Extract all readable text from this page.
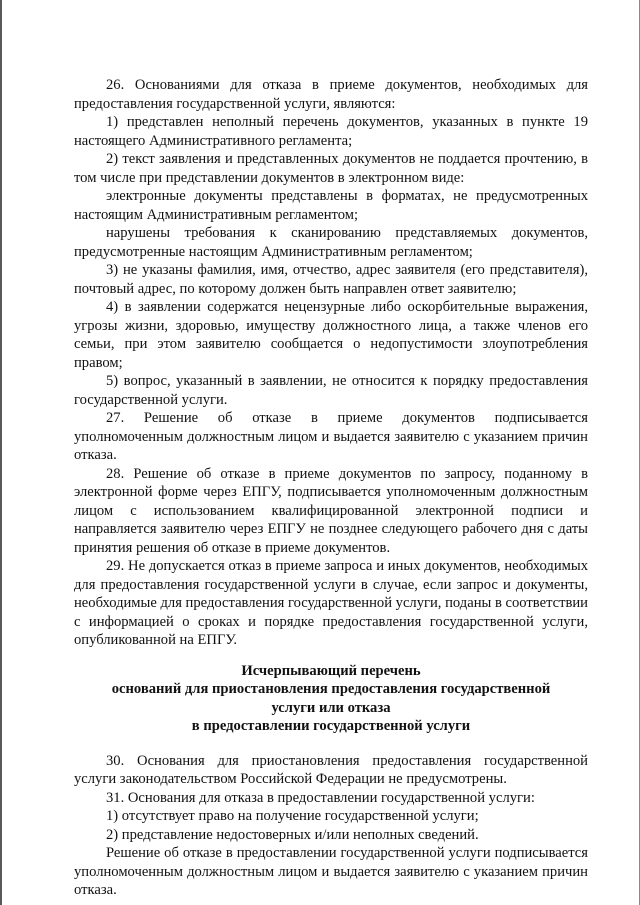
26. Основаниями для отказа в приеме документов, необходимых для предоставления государственной услуги, являются:

1) представлен неполный перечень документов, указанных в пункте 19 настоящего Административного регламента;

2) текст заявления и представленных документов не поддается прочтению, в том числе при представлении документов в электронном виде:

электронные документы представлены в форматах, не предусмотренных настоящим Административным регламентом;

нарушены требования к сканированию представляемых документов, предусмотренные настоящим Административным регламентом;

3) не указаны фамилия, имя, отчество, адрес заявителя (его представителя), почтовый адрес, по которому должен быть направлен ответ заявителю;

4) в заявлении содержатся нецензурные либо оскорбительные выражения, угрозы жизни, здоровью, имуществу должностного лица, а также членов его семьи, при этом заявителю сообщается о недопустимости злоупотребления правом;

5) вопрос, указанный в заявлении, не относится к порядку предоставления государственной услуги.

27. Решение об отказе в приеме документов подписывается уполномоченным должностным лицом и выдается заявителю с указанием причин отказа.

28. Решение об отказе в приеме документов по запросу, поданному в электронной форме через ЕПГУ, подписывается уполномоченным должностным лицом с использованием квалифицированной электронной подписи и направляется заявителю через ЕПГУ не позднее следующего рабочего дня с даты принятия решения об отказе в приеме документов.

29. Не допускается отказ в приеме запроса и иных документов, необходимых для предоставления государственной услуги в случае, если запрос и документы, необходимые для предоставления государственной услуги, поданы в соответствии с информацией о сроках и порядке предоставления государственной услуги, опубликованной на ЕПГУ.

Исчерпывающий перечень
оснований для приостановления предоставления государственной
услуги или отказа
в предоставлении государственной услуги

30. Основания для приостановления предоставления государственной услуги законодательством Российской Федерации не предусмотрены.

31. Основания для отказа в предоставлении государственной услуги:

1) отсутствует право на получение государственной услуги;

2) представление недостоверных и/или неполных сведений.

Решение об отказе в предоставлении государственной услуги подписывается уполномоченным должностным лицом и выдается заявителю с указанием причин отказа.
